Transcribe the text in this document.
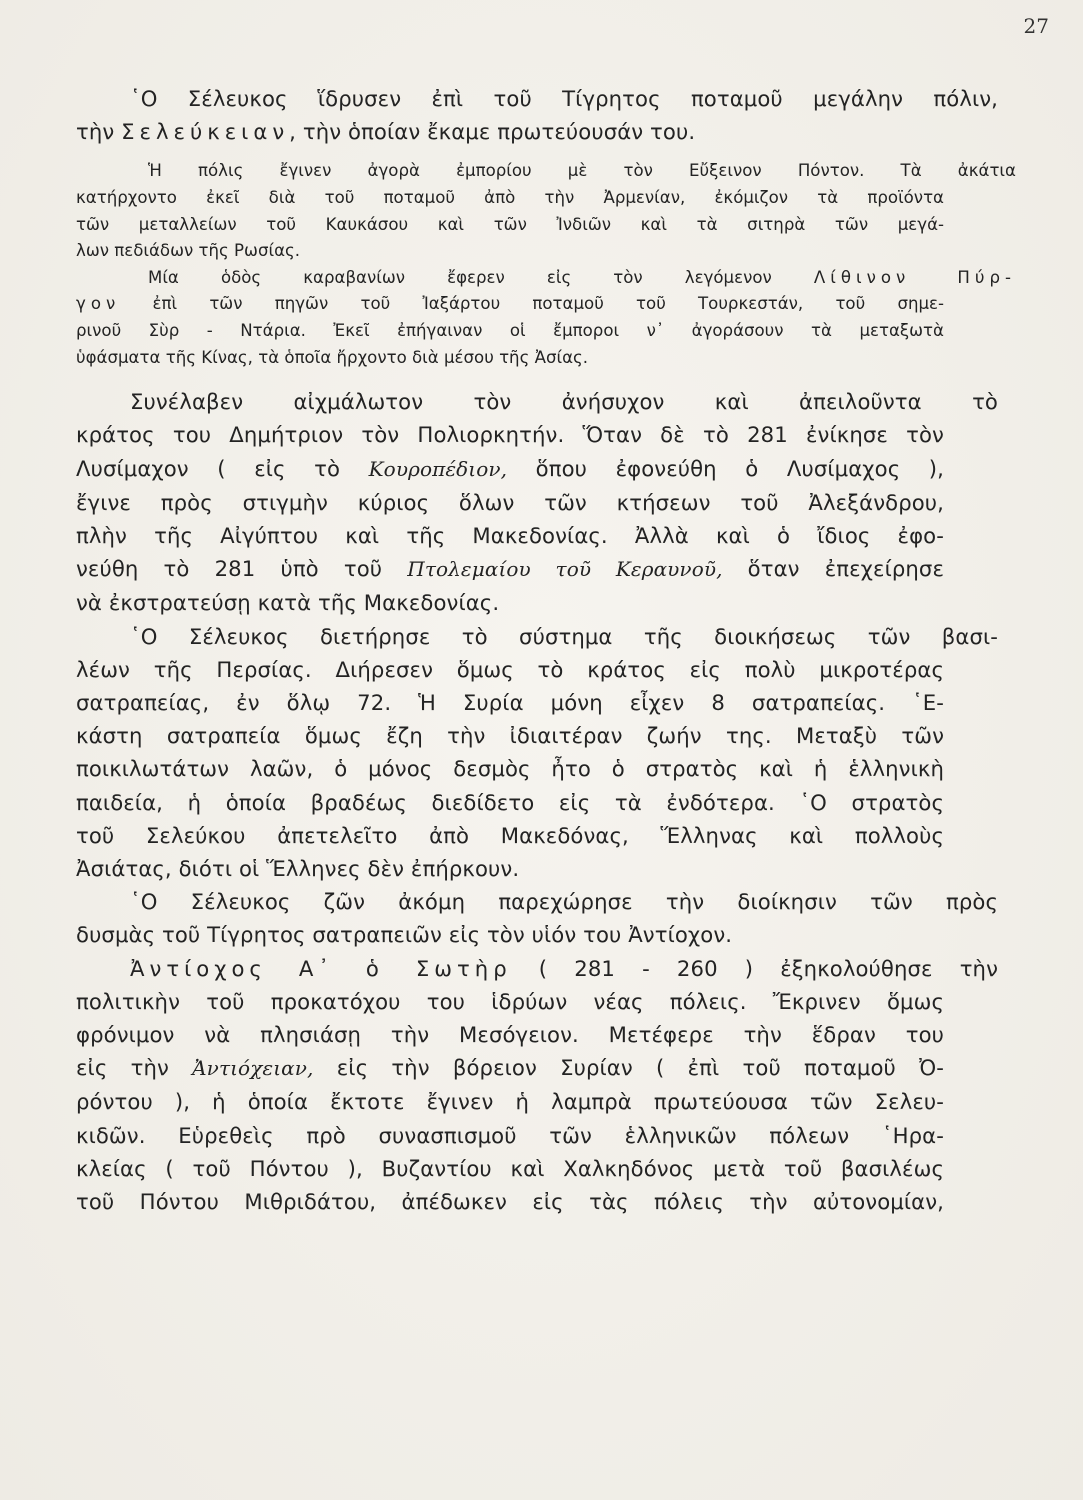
27
῾Ο Σέλευκος ἵδρυσεν ἐπὶ τοῦ Τίγρητος ποταμοῦ μεγάλην πόλιν,
τὴν Σελεύκειαν, τὴν ὁποίαν ἔκαμε πρωτεύουσάν του.
Ἡ πόλις ἔγινεν ἀγορὰ ἐμπορίου μὲ τὸν Εὔξεινον Πόντον. Τὰ ἀκάτια
κατήρχοντο ἐκεῖ διὰ τοῦ ποταμοῦ ἀπὸ τὴν Ἀρμενίαν, ἐκόμιζον τὰ προϊόντα
τῶν μεταλλείων τοῦ Καυκάσου καὶ τῶν Ἰνδιῶν καὶ τὰ σιτηρὰ τῶν μεγά-
λων πεδιάδων τῆς Ρωσίας.
Μία ὁδὸς καραβανίων ἔφερεν εἰς τὸν λεγόμενον Λίθινον Πύρ-
γον ἐπὶ τῶν πηγῶν τοῦ Ἰαξάρτου ποταμοῦ τοῦ Τουρκεστάν, τοῦ σημε-
ρινοῦ Σὺρ - Ντάρια. Ἐκεῖ ἐπήγαιναν οἱ ἔμποροι ν᾽ ἀγοράσουν τὰ μεταξωτὰ
ὑφάσματα τῆς Κίνας, τὰ ὁποῖα ἤρχοντο διὰ μέσου τῆς Ἀσίας.
Συνέλαβεν αἰχμάλωτον τὸν ἀνήσυχον καὶ ἀπειλοῦντα τὸ
κράτος του Δημήτριον τὸν Πολιορκητήν. Ὅταν δὲ τὸ 281 ἐνίκησε τὸν
Λυσίμαχον ( εἰς τὸ Κουροπέδιον, ὅπου ἐφονεύθη ὁ Λυσίμαχος ),
ἔγινε πρὸς στιγμὴν κύριος ὅλων τῶν κτήσεων τοῦ Ἀλεξάνδρου,
πλὴν τῆς Αἰγύπτου καὶ τῆς Μακεδονίας. Ἀλλὰ καὶ ὁ ἴδιος ἐφο-
νεύθη τὸ 281 ὑπὸ τοῦ Πτολεμαίου τοῦ Κεραυνοῦ, ὅταν ἐπεχείρησε
νὰ ἐκστρατεύσῃ κατὰ τῆς Μακεδονίας.
῾Ο Σέλευκος διετήρησε τὸ σύστημα τῆς διοικήσεως τῶν βασι-
λέων τῆς Περσίας. Διήρεσεν ὅμως τὸ κράτος εἰς πολὺ μικροτέρας
σατραπείας, ἐν ὅλῳ 72. Ἡ Συρία μόνη εἶχεν 8 σατραπείας. ῾Ε-
κάστη σατραπεία ὅμως ἔζη τὴν ἰδιαιτέραν ζωήν της. Μεταξὺ τῶν
ποικιλωτάτων λαῶν, ὁ μόνος δεσμὸς ἦτο ὁ στρατὸς καὶ ἡ ἑλληνικὴ
παιδεία, ἡ ὁποία βραδέως διεδίδετο εἰς τὰ ἐνδότερα. ῾Ο στρατὸς
τοῦ Σελεύκου ἀπετελεῖτο ἀπὸ Μακεδόνας, Ἕλληνας καὶ πολλοὺς
Ἀσιάτας, διότι οἱ Ἕλληνες δὲν ἐπήρκουν.
῾Ο Σέλευκος ζῶν ἀκόμη παρεχώρησε τὴν διοίκησιν τῶν πρὸς
δυσμὰς τοῦ Τίγρητος σατραπειῶν εἰς τὸν υἱόν του Ἀντίοχον.
Ἀντίοχος Α᾽ ὁ Σωτὴρ ( 281 - 260 ) ἐξηκολούθησε τὴν
πολιτικὴν τοῦ προκατόχου του ἱδρύων νέας πόλεις. Ἔκρινεν ὅμως
φρόνιμον νὰ πλησιάσῃ τὴν Μεσόγειον. Μετέφερε τὴν ἕδραν του
εἰς τὴν Ἀντιόχειαν, εἰς τὴν βόρειον Συρίαν ( ἐπὶ τοῦ ποταμοῦ Ὀ-
ρόντου ), ἡ ὁποία ἔκτοτε ἔγινεν ἡ λαμπρὰ πρωτεύουσα τῶν Σελευ-
κιδῶν. Εὑρεθεὶς πρὸ συνασπισμοῦ τῶν ἑλληνικῶν πόλεων ῾Ηρα-
κλείας ( τοῦ Πόντου ), Βυζαντίου καὶ Χαλκηδόνος μετὰ τοῦ βασιλέως
τοῦ Πόντου Μιθριδάτου, ἀπέδωκεν εἰς τὰς πόλεις τὴν αὐτονομίαν,
